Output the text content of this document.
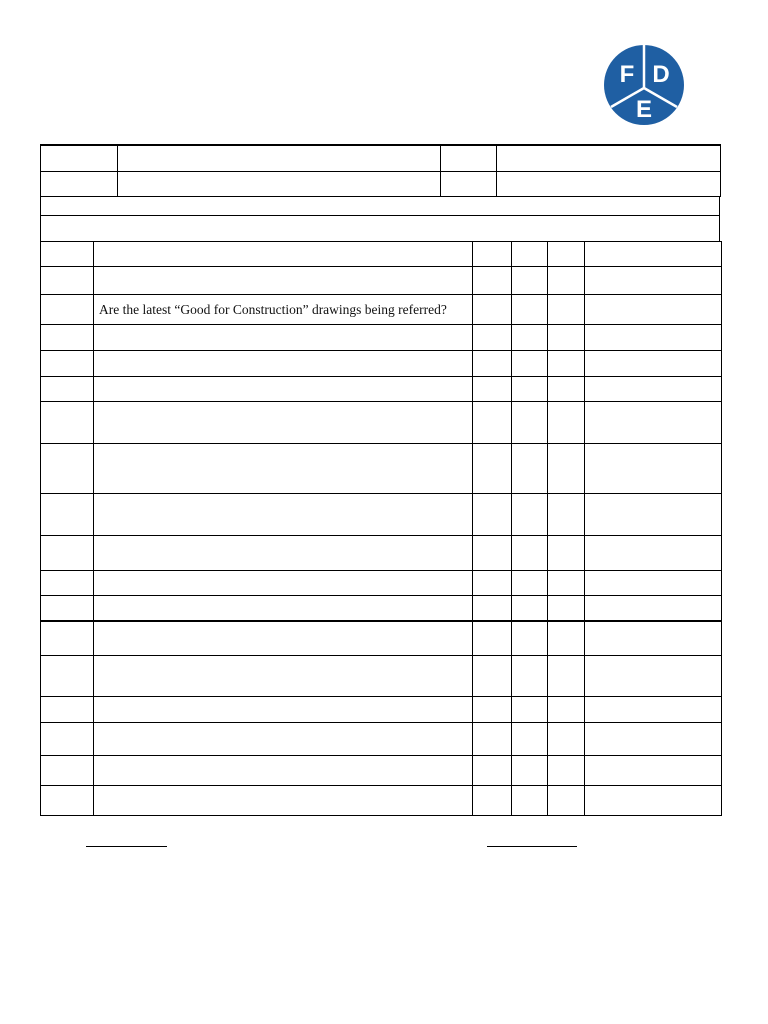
F D
E

	Are the latest “Good for Construction” drawings being referred?				
